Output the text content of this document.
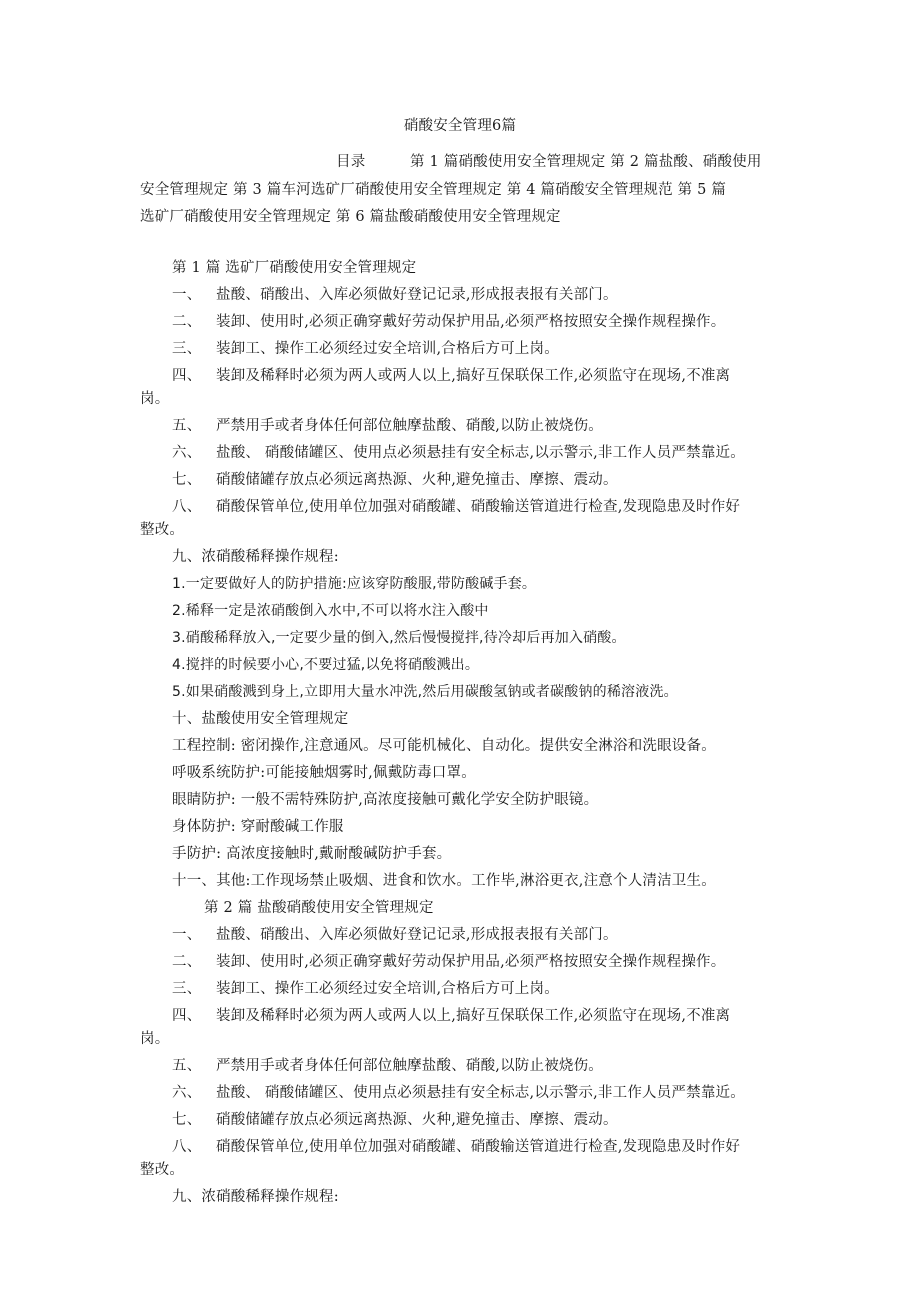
硝酸安全管理6篇
目录	第 1 篇硝酸使用安全管理规定 第 2 篇盐酸、硝酸使用
安全管理规定 第 3 篇车河选矿厂硝酸使用安全管理规定 第 4 篇硝酸安全管理规范 第 5 篇
选矿厂硝酸使用安全管理规定 第 6 篇盐酸硝酸使用安全管理规定
第 1 篇 选矿厂硝酸使用安全管理规定
一、 盐酸、硝酸出、入库必须做好登记记录,形成报表报有关部门。
二、 装卸、使用时,必须正确穿戴好劳动保护用品,必须严格按照安全操作规程操作。
三、 装卸工、操作工必须经过安全培训,合格后方可上岗。
四、 装卸及稀释时必须为两人或两人以上,搞好互保联保工作,必须监守在现场,不准离
岗。
五、 严禁用手或者身体任何部位触摩盐酸、硝酸,以防止被烧伤。
六、 盐酸、 硝酸储罐区、使用点必须悬挂有安全标志,以示警示,非工作人员严禁靠近。
七、 硝酸储罐存放点必须远离热源、火种,避免撞击、摩擦、震动。
八、 硝酸保管单位,使用单位加强对硝酸罐、硝酸输送管道进行检查,发现隐患及时作好
整改。
九、浓硝酸稀释操作规程:
1.一定要做好人的防护措施:应该穿防酸服,带防酸碱手套。
2.稀释一定是浓硝酸倒入水中,不可以将水注入酸中
3.硝酸稀释放入,一定要少量的倒入,然后慢慢搅拌,待冷却后再加入硝酸。
4.搅拌的时候要小心,不要过猛,以免将硝酸溅出。
5.如果硝酸溅到身上,立即用大量水冲洗,然后用碳酸氢钠或者碳酸钠的稀溶液洗。
十、盐酸使用安全管理规定
工程控制: 密闭操作,注意通风。尽可能机械化、自动化。提供安全淋浴和洗眼设备。
呼吸系统防护:可能接触烟雾时,佩戴防毒口罩。
眼睛防护: 一般不需特殊防护,高浓度接触可戴化学安全防护眼镜。
身体防护: 穿耐酸碱工作服
手防护: 高浓度接触时,戴耐酸碱防护手套。
十一、其他:工作现场禁止吸烟、进食和饮水。工作毕,淋浴更衣,注意个人清洁卫生。
第 2 篇 盐酸硝酸使用安全管理规定
一、 盐酸、硝酸出、入库必须做好登记记录,形成报表报有关部门。
二、 装卸、使用时,必须正确穿戴好劳动保护用品,必须严格按照安全操作规程操作。
三、 装卸工、操作工必须经过安全培训,合格后方可上岗。
四、 装卸及稀释时必须为两人或两人以上,搞好互保联保工作,必须监守在现场,不准离
岗。
五、 严禁用手或者身体任何部位触摩盐酸、硝酸,以防止被烧伤。
六、 盐酸、 硝酸储罐区、使用点必须悬挂有安全标志,以示警示,非工作人员严禁靠近。
七、 硝酸储罐存放点必须远离热源、火种,避免撞击、摩擦、震动。
八、 硝酸保管单位,使用单位加强对硝酸罐、硝酸输送管道进行检查,发现隐患及时作好
整改。
九、浓硝酸稀释操作规程:
